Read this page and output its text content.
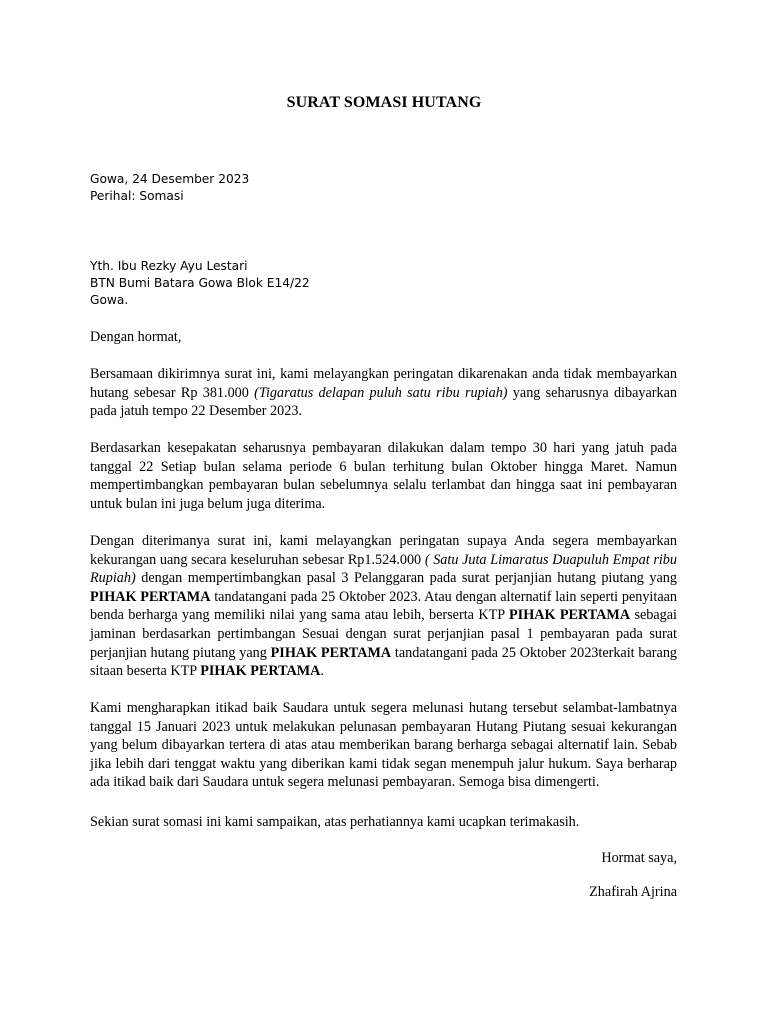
SURAT SOMASI HUTANG
Gowa, 24 Desember 2023
Perihal: Somasi
Yth. Ibu Rezky Ayu Lestari
BTN Bumi Batara Gowa Blok E14/22
Gowa.

Dengan hormat,

Bersamaan dikirimnya surat ini, kami melayangkan peringatan dikarenakan anda tidak membayarkan hutang sebesar Rp 381.000 (Tigaratus delapan puluh satu ribu rupiah) yang seharusnya dibayarkan pada jatuh tempo 22 Desember 2023.

Berdasarkan kesepakatan seharusnya pembayaran dilakukan dalam tempo 30 hari yang jatuh pada tanggal 22 Setiap bulan selama periode 6 bulan terhitung bulan Oktober hingga Maret. Namun mempertimbangkan pembayaran bulan sebelumnya selalu terlambat dan hingga saat ini pembayaran untuk bulan ini juga belum juga diterima.

Dengan diterimanya surat ini, kami melayangkan peringatan supaya Anda segera membayarkan kekurangan uang secara keseluruhan sebesar Rp1.524.000 ( Satu Juta Limaratus Duapuluh Empat ribu Rupiah) dengan mempertimbangkan pasal 3 Pelanggaran pada surat perjanjian hutang piutang yang PIHAK PERTAMA tandatangani pada 25 Oktober 2023. Atau dengan alternatif lain seperti penyitaan benda berharga yang memiliki nilai yang sama atau lebih, berserta KTP PIHAK PERTAMA sebagai jaminan berdasarkan pertimbangan Sesuai dengan surat perjanjian pasal 1 pembayaran pada surat perjanjian hutang piutang yang PIHAK PERTAMA tandatangani pada 25 Oktober 2023terkait barang sitaan beserta KTP PIHAK PERTAMA.

Kami mengharapkan itikad baik Saudara untuk segera melunasi hutang tersebut selambat-lambatnya tanggal 15 Januari 2023 untuk melakukan pelunasan pembayaran Hutang Piutang sesuai kekurangan yang belum dibayarkan tertera di atas atau memberikan barang berharga sebagai alternatif lain. Sebab jika lebih dari tenggat waktu yang diberikan kami tidak segan menempuh jalur hukum. Saya berharap ada itikad baik dari Saudara untuk segera melunasi pembayaran. Semoga bisa dimengerti.

Sekian surat somasi ini kami sampaikan, atas perhatiannya kami ucapkan terimakasih.

Hormat saya,
Zhafirah Ajrina
